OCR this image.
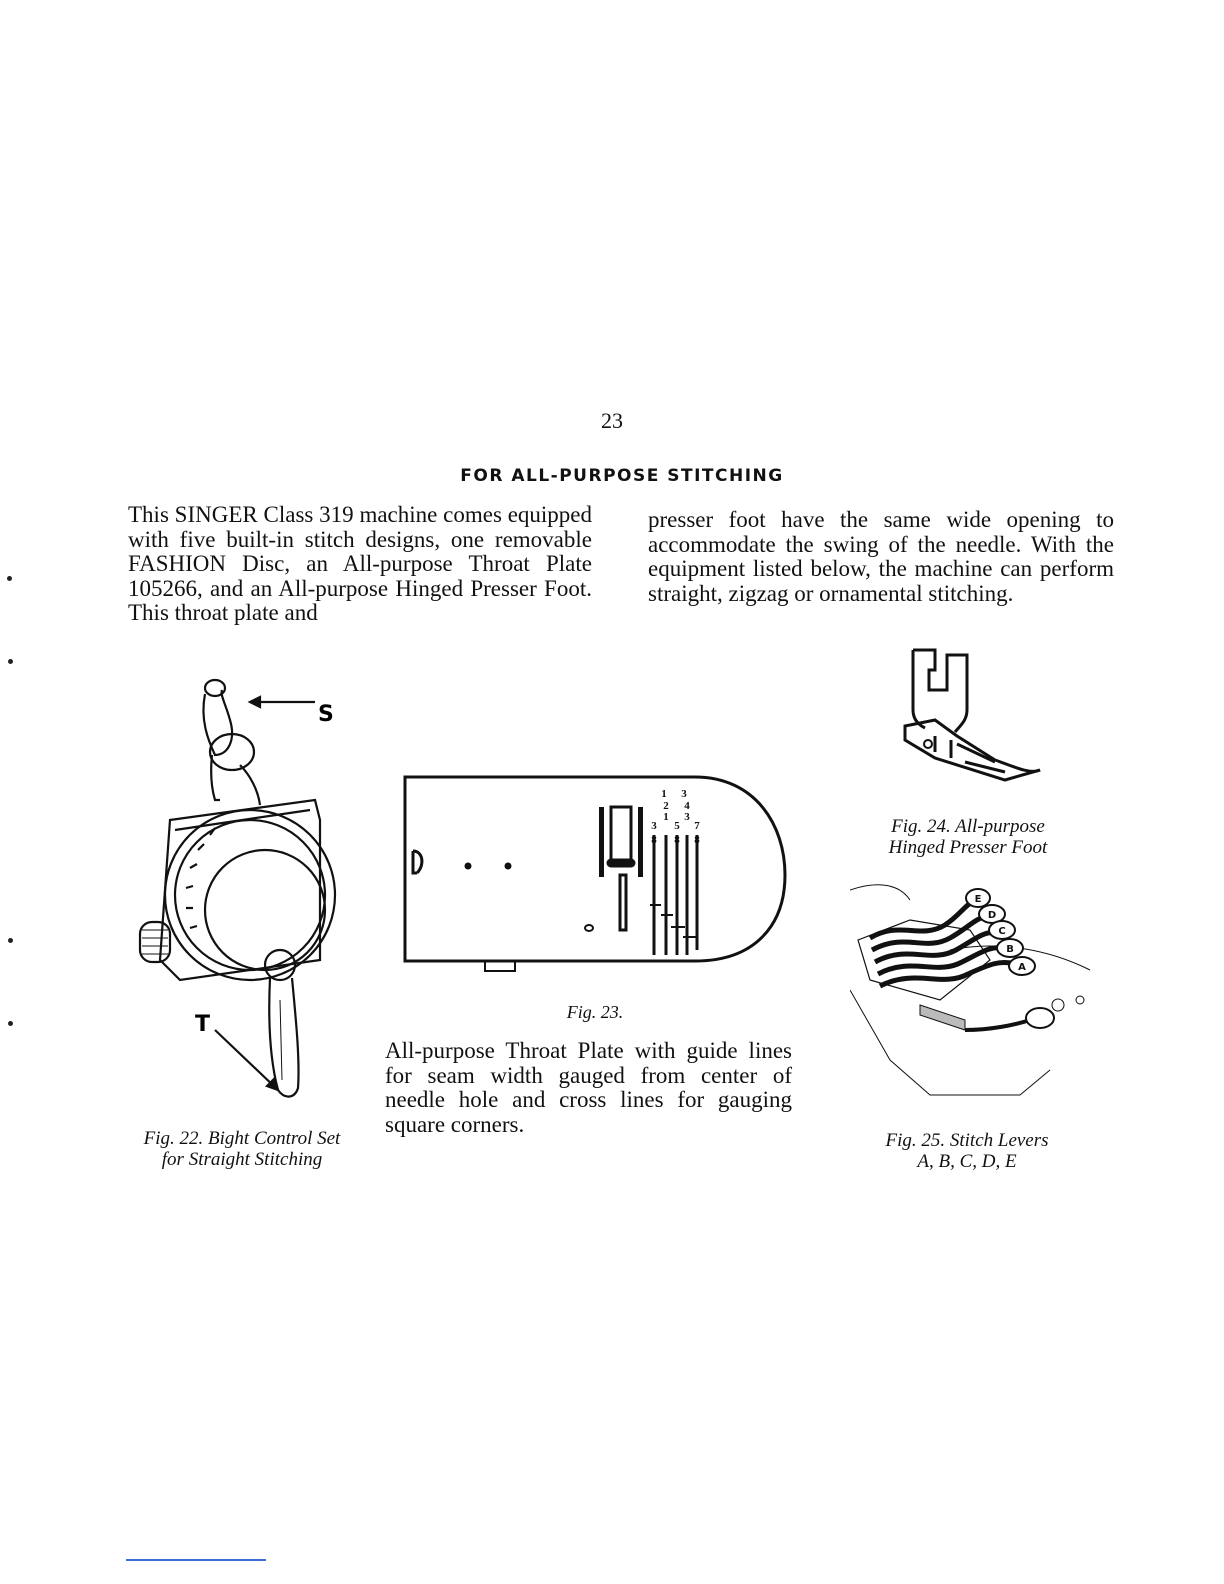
23
FOR ALL-PURPOSE STITCHING
This SINGER Class 319 machine comes equipped with five built-in stitch designs, one removable FASHION Disc, an All-purpose Throat Plate 105266, and an All-purpose Hinged Presser Foot. This throat plate and
presser foot have the same wide opening to accommodate the swing of the needle. With the equipment listed below, the machine can perform straight, zigzag or ornamental stitching.
S
T
Fig. 22. Bight Control Set
for Straight Stitching
1 3
3
1
5
3
7
8
2
8
4
8
Fig. 23.
All-purpose Throat Plate with guide lines for seam width gauged from center of needle hole and cross lines for gauging square corners.
Fig. 24. All-purpose
Hinged Presser Foot
E
D
C
B
A
Fig. 25. Stitch Levers
A, B, C, D, E
